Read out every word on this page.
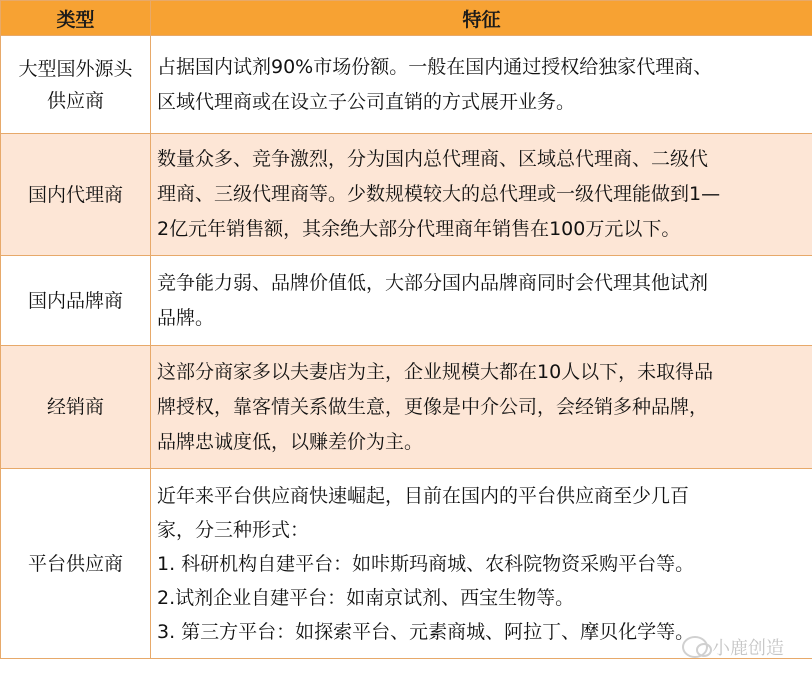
类型	特征

大型国外源头
供应商	占据国内试剂90%市场份额。一般在国内通过授权给独家代理商、
区域代理商或在设立子公司直销的方式展开业务。

国内代理商	数量众多、竞争激烈，分为国内总代理商、区域总代理商、二级代
理商、三级代理商等。少数规模较大的总代理或一级代理能做到1—
2亿元年销售额，其余绝大部分代理商年销售在100万元以下。

国内品牌商	竞争能力弱、品牌价值低，大部分国内品牌商同时会代理其他试剂
品牌。

经销商	这部分商家多以夫妻店为主，企业规模大都在10人以下，未取得品
牌授权，靠客情关系做生意，更像是中介公司，会经销多种品牌，
品牌忠诚度低，以赚差价为主。

平台供应商	近年来平台供应商快速崛起，目前在国内的平台供应商至少几百
家，分三种形式：
1. 科研机构自建平台：如咔斯玛商城、农科院物资采购平台等。
2.试剂企业自建平台：如南京试剂、西宝生物等。
3. 第三方平台：如探索平台、元素商城、阿拉丁、摩贝化学等。
小鹿创造
